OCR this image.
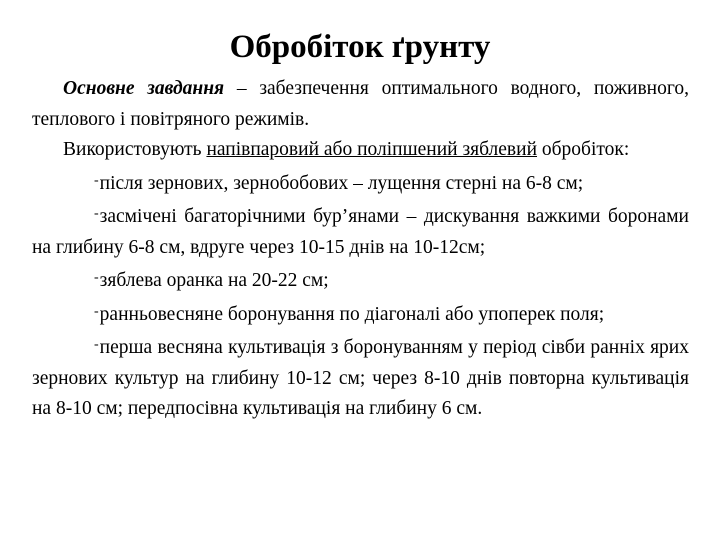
Обробіток ґрунту

Основне завдання – забезпечення оптимального водного, поживного, теплового і повітряного режимів.

Використовують напівпаровий або поліпшений зяблевий обробіток:

-після зернових, зернобобових – лущення стерні на 6-8 см;

-засмічені багаторічними бур’янами – дискування важкими боронами на глибину 6-8 см, вдруге через 10-15 днів на 10-12см;

-зяблева оранка на 20-22 см;

-ранньовесняне боронування по діагоналі або упоперек поля;

-перша весняна культивація з боронуванням у період сівби ранніх ярих зернових культур на глибину 10-12 см; через 8-10 днів повторна культивація на 8-10 см; передпосівна культивація на глибину 6 см.
